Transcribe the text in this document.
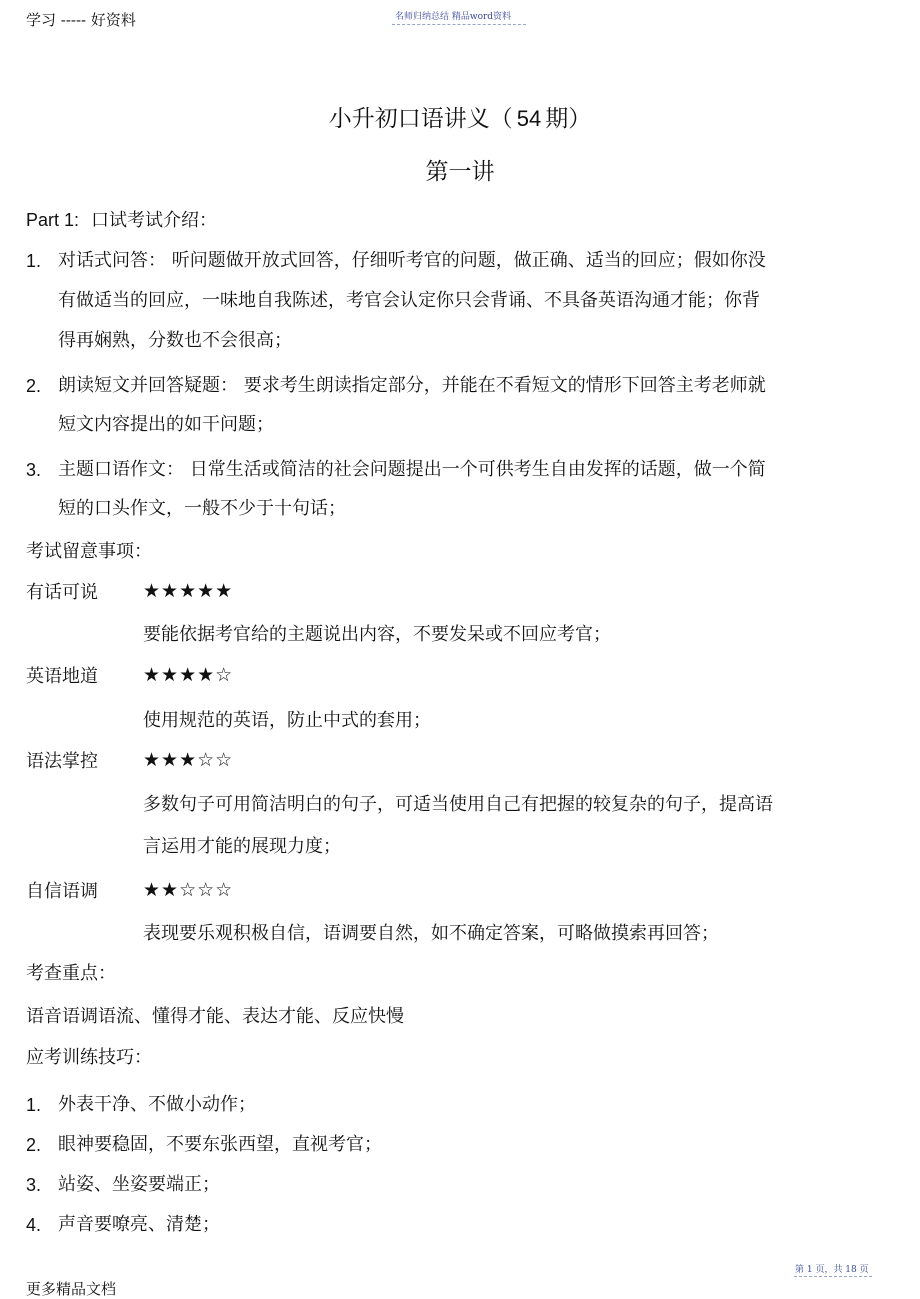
学习 ----- 好资料	名师归纳总结 精品word资料
小升初口语讲义（ 54 期）
第一讲
Part 1: 口试考试介绍：
1. 对话式问答： 听问题做开放式回答，仔细听考官的问题，做正确、适当的回应；假如你没
有做适当的回应，一味地自我陈述，考官会认定你只会背诵、不具备英语沟通才能；你背
得再娴熟，分数也不会很高；
2. 朗读短文并回答疑题： 要求考生朗读指定部分，并能在不看短文的情形下回答主考老师就
短文内容提出的如干问题；
3. 主题口语作文： 日常生活或简洁的社会问题提出一个可供考生自由发挥的话题，做一个简
短的口头作文，一般不少于十句话；
考试留意事项：
有话可说 ★★★★★
要能依据考官给的主题说出内容，不要发呆或不回应考官；
英语地道 ★★★★☆
使用规范的英语，防止中式的套用；
语法掌控 ★★★☆☆
多数句子可用简洁明白的句子，可适当使用自己有把握的较复杂的句子，提高语
言运用才能的展现力度；
自信语调 ★★☆☆☆
表现要乐观积极自信，语调要自然，如不确定答案，可略做摸索再回答；
考查重点：
语音语调语流、懂得才能、表达才能、反应快慢
应考训练技巧：
1. 外表干净、不做小动作；
2. 眼神要稳固，不要东张西望，直视考官；
3. 站姿、坐姿要端正；
4. 声音要嘹亮、清楚；
第 1 页，共 18 页
更多精品文档
